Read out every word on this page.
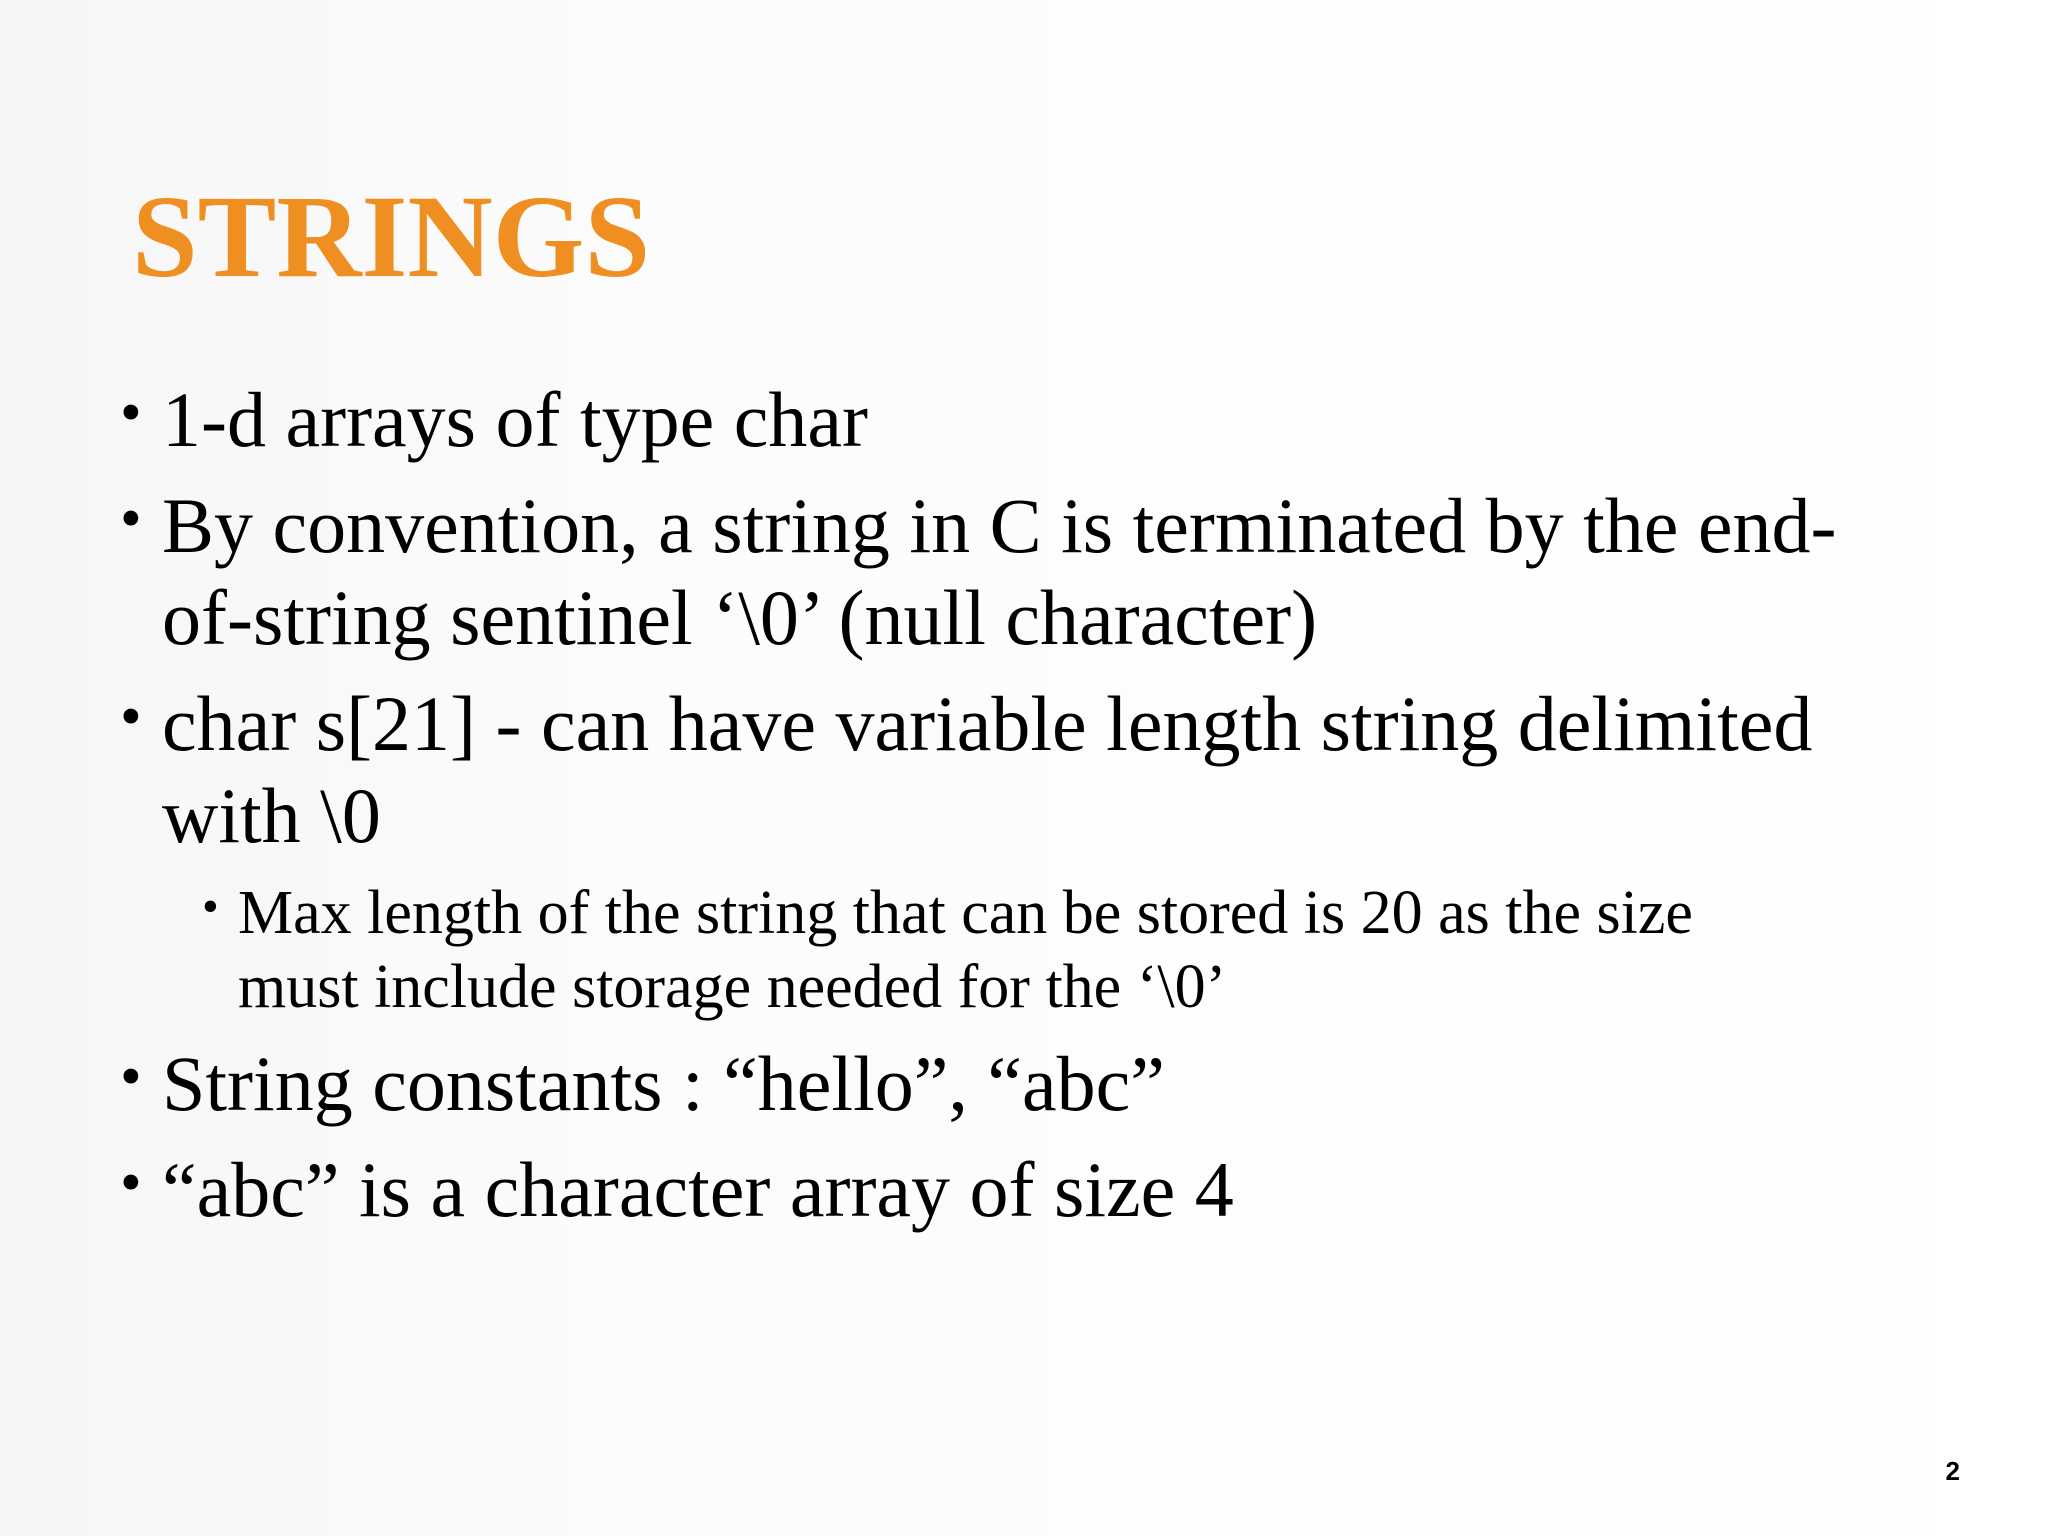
STRINGS
• 1-d arrays of type char
• By convention, a string in C is terminated by the end-
of-string sentinel ‘\0’ (null character)
• char s[21] - can have variable length string delimited
with \0
• Max length of the string that can be stored is 20 as the size
must include storage needed for the ‘\0’
• String constants : “hello”, “abc”
• “abc” is a character array of size 4
2
